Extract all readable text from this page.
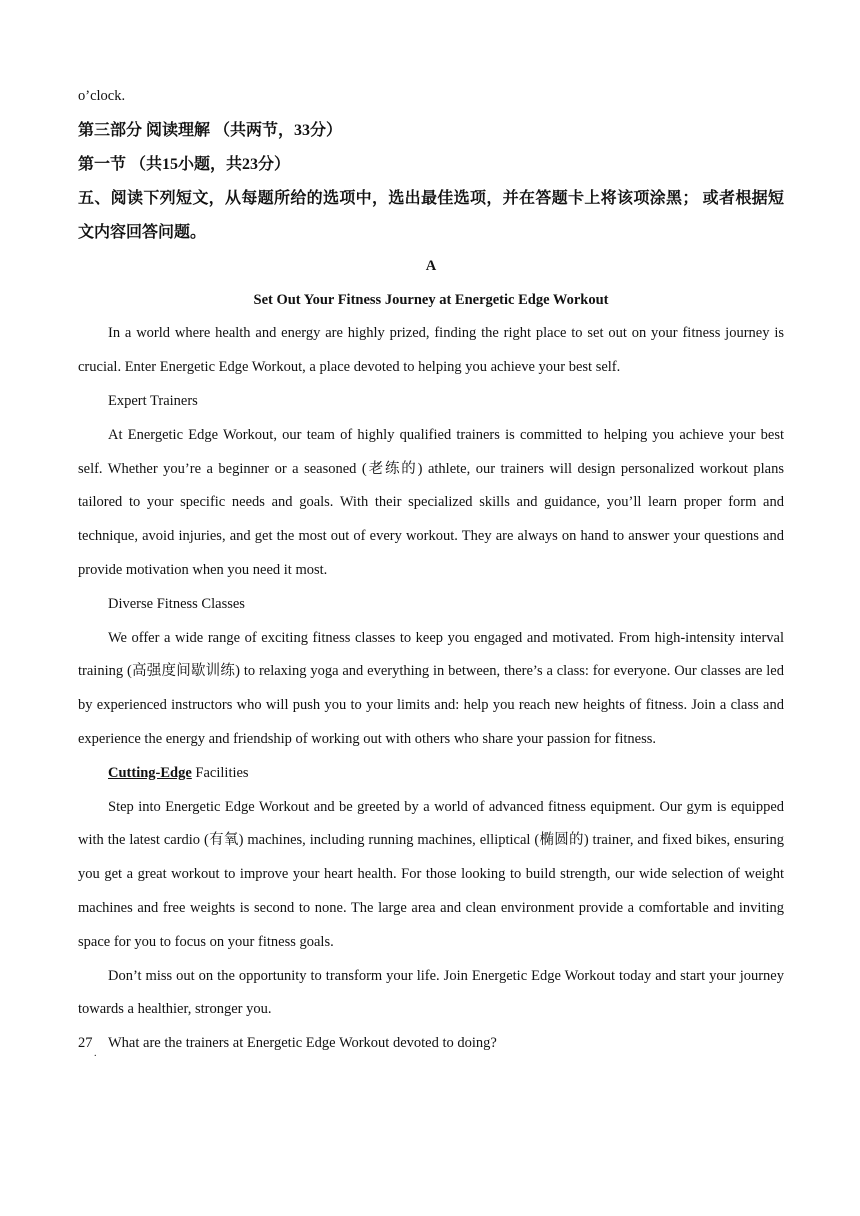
o’clock.

第三部分 阅读理解 （共两节，33分）

第一节 （共15小题，共23分）

五、阅读下列短文，从每题所给的选项中，选出最佳选项，并在答题卡上将该项涂黑； 或者根据短文内容回答问题。

A

Set Out Your Fitness Journey at Energetic Edge Workout

In a world where health and energy are highly prized, finding the right place to set out on your fitness journey is crucial. Enter Energetic Edge Workout, a place devoted to helping you achieve your best self.

Expert Trainers

At Energetic Edge Workout, our team of highly qualified trainers is committed to helping you achieve your best self. Whether you’re a beginner or a seasoned (老练的) athlete, our trainers will design personalized workout plans tailored to your specific needs and goals. With their specialized skills and guidance, you’ll learn proper form and technique, avoid injuries, and get the most out of every workout. They are always on hand to answer your questions and provide motivation when you need it most.

Diverse Fitness Classes

We offer a wide range of exciting fitness classes to keep you engaged and motivated. From high-intensity interval training (高强度间歇训练) to relaxing yoga and everything in between, there’s a class: for everyone. Our classes are led by experienced instructors who will push you to your limits and: help you reach new heights of fitness. Join a class and experience the energy and friendship of working out with others who share your passion for fitness.

Cutting-Edge Facilities

Step into Energetic Edge Workout and be greeted by a world of advanced fitness equipment. Our gym is equipped with the latest cardio (有氧) machines, including running machines, elliptical (椭圆的) trainer, and fixed bikes, ensuring you get a great workout to improve your heart health. For those looking to build strength, our wide selection of weight machines and free weights is second to none. The large area and clean environment provide a comfortable and inviting space for you to focus on your fitness goals.

Don’t miss out on the opportunity to transform your life. Join Energetic Edge Workout today and start your journey towards a healthier, stronger you.

27 What are the trainers at Energetic Edge Workout devoted to doing?

.
